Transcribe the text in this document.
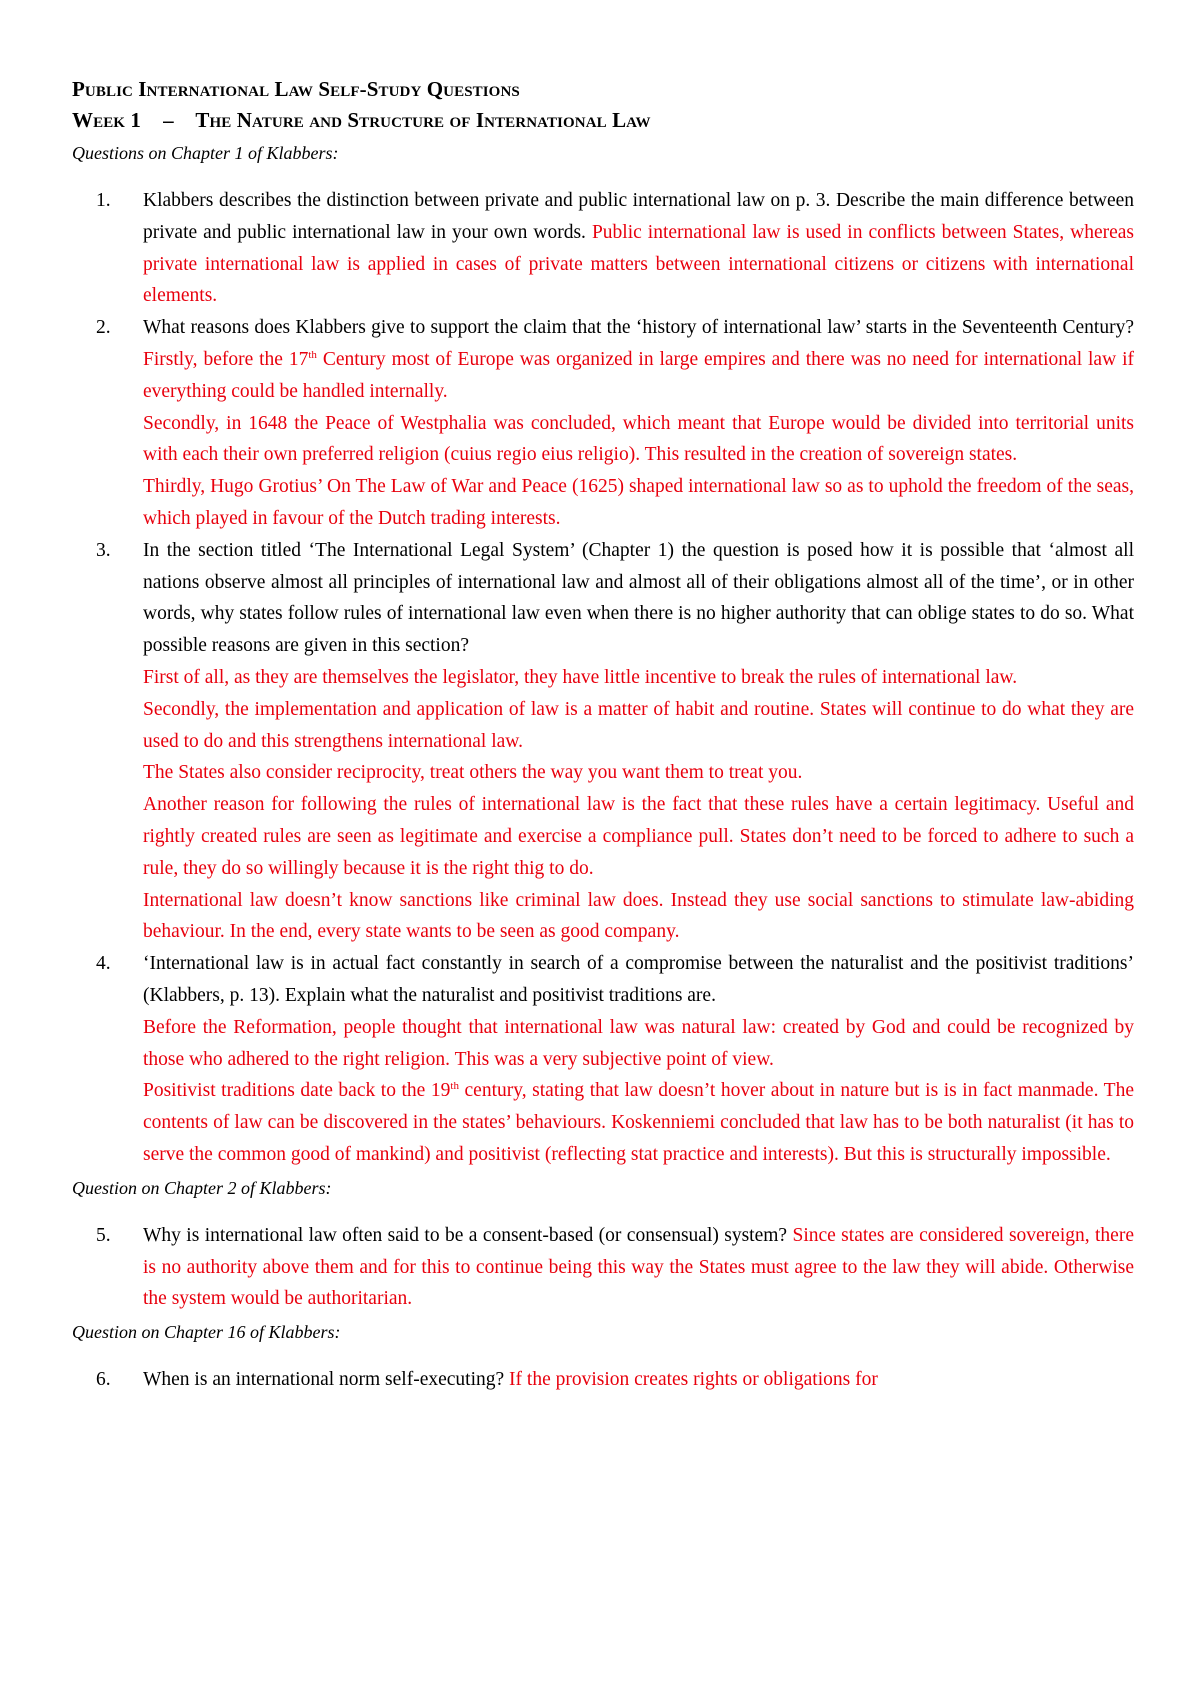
Public International Law Self-Study Questions
Week 1 – The Nature and Structure of International Law
Questions on Chapter 1 of Klabbers:
1. Klabbers describes the distinction between private and public international law on p. 3. Describe the main difference between private and public international law in your own words. Public international law is used in conflicts between States, whereas private international law is applied in cases of private matters between international citizens or citizens with international elements.
2. What reasons does Klabbers give to support the claim that the ‘history of international law’ starts in the Seventeenth Century? Firstly, before the 17th Century most of Europe was organized in large empires and there was no need for international law if everything could be handled internally.
Secondly, in 1648 the Peace of Westphalia was concluded, which meant that Europe would be divided into territorial units with each their own preferred religion (cuius regio eius religio). This resulted in the creation of sovereign states.
Thirdly, Hugo Grotius’ On The Law of War and Peace (1625) shaped international law so as to uphold the freedom of the seas, which played in favour of the Dutch trading interests.
3. In the section titled ‘The International Legal System’ (Chapter 1) the question is posed how it is possible that ‘almost all nations observe almost all principles of international law and almost all of their obligations almost all of the time’, or in other words, why states follow rules of international law even when there is no higher authority that can oblige states to do so. What possible reasons are given in this section?
First of all, as they are themselves the legislator, they have little incentive to break the rules of international law.
Secondly, the implementation and application of law is a matter of habit and routine. States will continue to do what they are used to do and this strengthens international law.
The States also consider reciprocity, treat others the way you want them to treat you.
Another reason for following the rules of international law is the fact that these rules have a certain legitimacy. Useful and rightly created rules are seen as legitimate and exercise a compliance pull. States don’t need to be forced to adhere to such a rule, they do so willingly because it is the right thig to do.
International law doesn’t know sanctions like criminal law does. Instead they use social sanctions to stimulate law-abiding behaviour. In the end, every state wants to be seen as good company.
4. ‘International law is in actual fact constantly in search of a compromise between the naturalist and the positivist traditions’ (Klabbers, p. 13). Explain what the naturalist and positivist traditions are.
Before the Reformation, people thought that international law was natural law: created by God and could be recognized by those who adhered to the right religion. This was a very subjective point of view.
Positivist traditions date back to the 19th century, stating that law doesn’t hover about in nature but is is in fact manmade. The contents of law can be discovered in the states’ behaviours. Koskenniemi concluded that law has to be both naturalist (it has to serve the common good of mankind) and positivist (reflecting stat practice and interests). But this is structurally impossible.
Question on Chapter 2 of Klabbers:
5. Why is international law often said to be a consent-based (or consensual) system? Since states are considered sovereign, there is no authority above them and for this to continue being this way the States must agree to the law they will abide. Otherwise the system would be authoritarian.
Question on Chapter 16 of Klabbers:
6. When is an international norm self-executing? If the provision creates rights or obligations for
